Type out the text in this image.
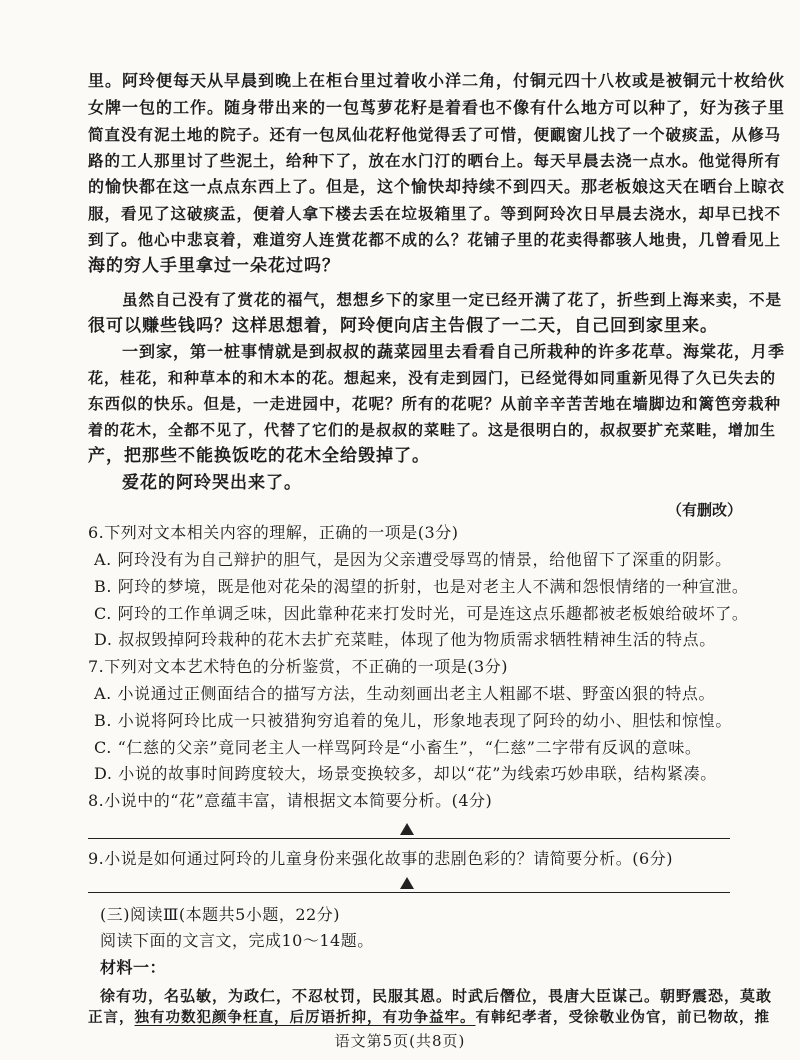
里。阿玲便每天从早晨到晚上在柜台里过着收小洋二角，付铜元四十八枚或是被铜元十枚给伙
女牌一包的工作。随身带出来的一包茑萝花籽是着看也不像有什么地方可以种了，好为孩子里
简直没有泥土地的院子。还有一包凤仙花籽他觉得丢了可惜，便靦窗儿找了一个破痰盂，从修马
路的工人那里讨了些泥土，给种下了，放在水门汀的晒台上。每天早晨去浇一点水。他觉得所有
的愉快都在这一点点东西上了。但是，这个愉快却持续不到四天。那老板娘这天在晒台上晾衣
服，看见了这破痰盂，便着人拿下楼去丢在垃圾箱里了。等到阿玲次日早晨去浇水，却早已找不
到了。他心中悲哀着，难道穷人连赏花都不成的么？花铺子里的花卖得都骇人地贵，几曾看见上
海的穷人手里拿过一朵花过吗？
虽然自己没有了赏花的福气，想想乡下的家里一定已经开满了花了，折些到上海来卖，不是
很可以赚些钱吗？这样思想着，阿玲便向店主告假了一二天，自己回到家里来。
一到家，第一桩事情就是到叔叔的蔬菜园里去看看自己所栽种的许多花草。海棠花，月季
花，桂花，和种草本的和木本的花。想起来，没有走到园门，已经觉得如同重新见得了久已失去的
东西似的快乐。但是，一走进园中，花呢？所有的花呢？从前辛辛苦苦地在墙脚边和篱笆旁栽种
着的花木，全都不见了，代替了它们的是叔叔的菜畦了。这是很明白的，叔叔要扩充菜畦，增加生
产，把那些不能换饭吃的花木全给毁掉了。
爱花的阿玲哭出来了。
（有删改）
6.下列对文本相关内容的理解，正确的一项是(3分)
A. 阿玲没有为自己辩护的胆气，是因为父亲遭受辱骂的情景，给他留下了深重的阴影。
B. 阿玲的梦境，既是他对花朵的渴望的折射，也是对老主人不满和怨恨情绪的一种宣泄。
C. 阿玲的工作单调乏味，因此靠种花来打发时光，可是连这点乐趣都被老板娘给破坏了。
D. 叔叔毁掉阿玲栽种的花木去扩充菜畦，体现了他为物质需求牺牲精神生活的特点。
7.下列对文本艺术特色的分析鉴赏，不正确的一项是(3分)
A. 小说通过正侧面结合的描写方法，生动刻画出老主人粗鄙不堪、野蛮凶狠的特点。
B. 小说将阿玲比成一只被猎狗穷追着的兔儿，形象地表现了阿玲的幼小、胆怯和惊惶。
C. “仁慈的父亲”竟同老主人一样骂阿玲是“小畜生”，“仁慈”二字带有反讽的意味。
D. 小说的故事时间跨度较大，场景变换较多，却以“花”为线索巧妙串联，结构紧凑。
8.小说中的“花”意蕴丰富，请根据文本简要分析。(4分)
9.小说是如何通过阿玲的儿童身份来强化故事的悲剧色彩的？请简要分析。(6分)
(三)阅读Ⅲ(本题共5小题，22分)
阅读下面的文言文，完成10～14题。
材料一：
徐有功，名弘敏，为政仁，不忍杖罚，民服其恩。时武后僭位，畏唐大臣谋己。朝野震恐，莫敢
正言，独有功数犯颜争枉直，后厉语折抑，有功争益牢。有韩纪孝者，受徐敬业伪官，前已物故，推
语文第5页(共8页)
